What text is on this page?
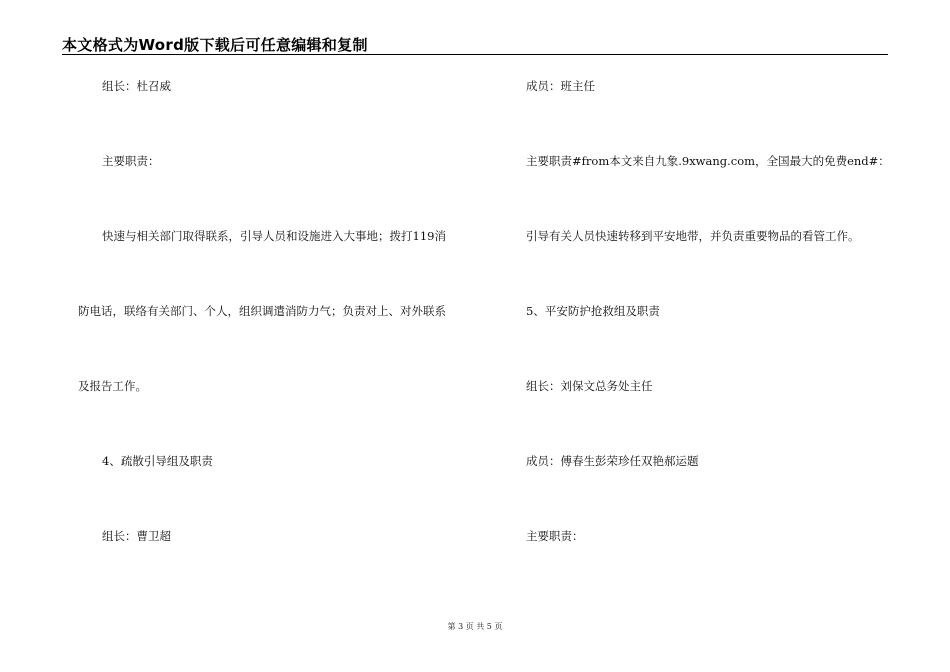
本文格式为Word版下载后可任意编辑和复制
组长：杜召威
主要职责：
快速与相关部门取得联系，引导人员和设施进入大事地；拨打119消
防电话，联络有关部门、个人，组织调遣消防力气；负责对上、对外联系
及报告工作。
4、疏散引导组及职责
组长：曹卫超
成员：班主任
主要职责#from本文来自九象.9xwang.com，全国最大的免费end#：
引导有关人员快速转移到平安地带，并负责重要物品的看管工作。
5、平安防护抢救组及职责
组长：刘保文总务处主任
成员：傅春生彭荣珍任双艳郝运题
主要职责：
第 3 页 共 5 页
